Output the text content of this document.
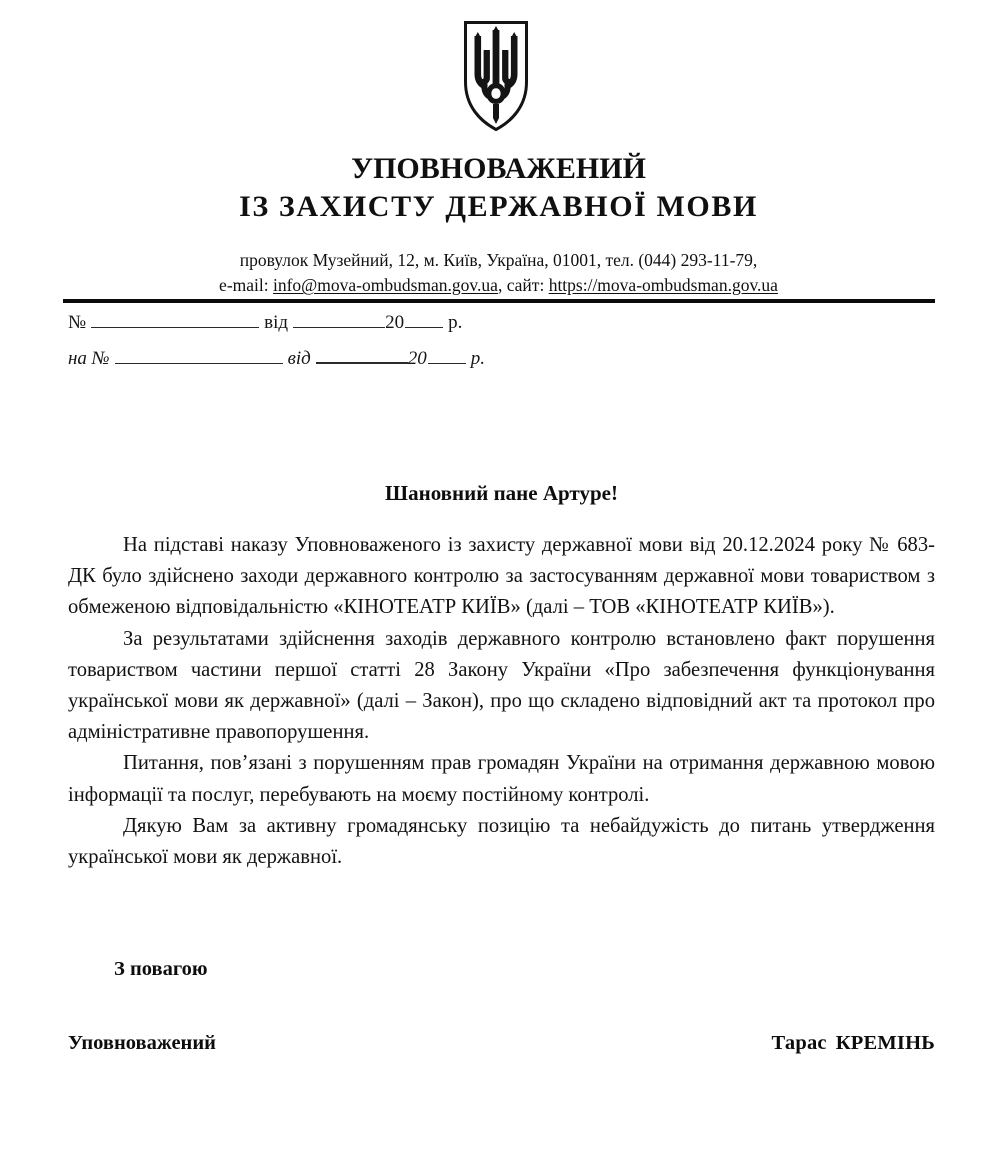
УПОВНОВАЖЕНИЙ
ІЗ ЗАХИСТУ ДЕРЖАВНОЇ МОВИ
провулок Музейний, 12, м. Київ, Україна, 01001, тел. (044) 293-11-79,
e-mail: info@mova-ombudsman.gov.ua, сайт: https://mova-ombudsman.gov.ua
№	від	20 р.
на №	від	20 р.
Шановний пане Артуре!

На підставі наказу Уповноваженого із захисту державної мови від 20.12.2024 року № 683-ДК було здійснено заходи державного контролю за застосуванням державної мови товариством з обмеженою відповідальністю «КІНОТЕАТР КИЇВ» (далі – ТОВ «КІНОТЕАТР КИЇВ»).

За результатами здійснення заходів державного контролю встановлено факт порушення товариством частини першої статті 28 Закону України «Про забезпечення функціонування української мови як державної» (далі – Закон), про що складено відповідний акт та протокол про адміністративне правопорушення.

Питання, пов’язані з порушенням прав громадян України на отримання державною мовою інформації та послуг, перебувають на моєму постійному контролі.

Дякую Вам за активну громадянську позицію та небайдужість до питань утвердження української мови як державної.

З повагою
Уповноважений	Тарас КРЕМІНЬ
